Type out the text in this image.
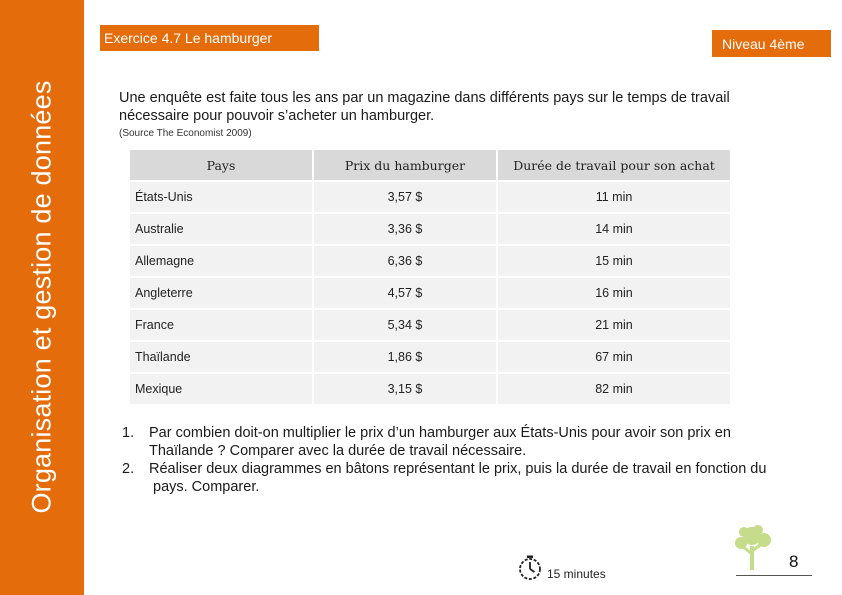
Organisation et gestion de données
Exercice 4.7 Le hamburger	Niveau 4ème
Une enquête est faite tous les ans par un magazine dans différents pays sur le temps de travail nécessaire pour pouvoir s’acheter un hamburger.
(Source The Economist 2009)
Pays	Prix du hamburger	Durée de travail pour son achat
États-Unis	3,57 $	11 min
Australie	3,36 $	14 min
Allemagne	6,36 $	15 min
Angleterre	4,57 $	16 min
France	5,34 $	21 min
Thaïlande	1,86 $	67 min
Mexique	3,15 $	82 min
1. Par combien doit-on multiplier le prix d’un hamburger aux États-Unis pour avoir son prix en Thaïlande ? Comparer avec la durée de travail nécessaire.
2. Réaliser deux diagrammes en bâtons représentant le prix, puis la durée de travail en fonction du pays. Comparer.
15 minutes
8
